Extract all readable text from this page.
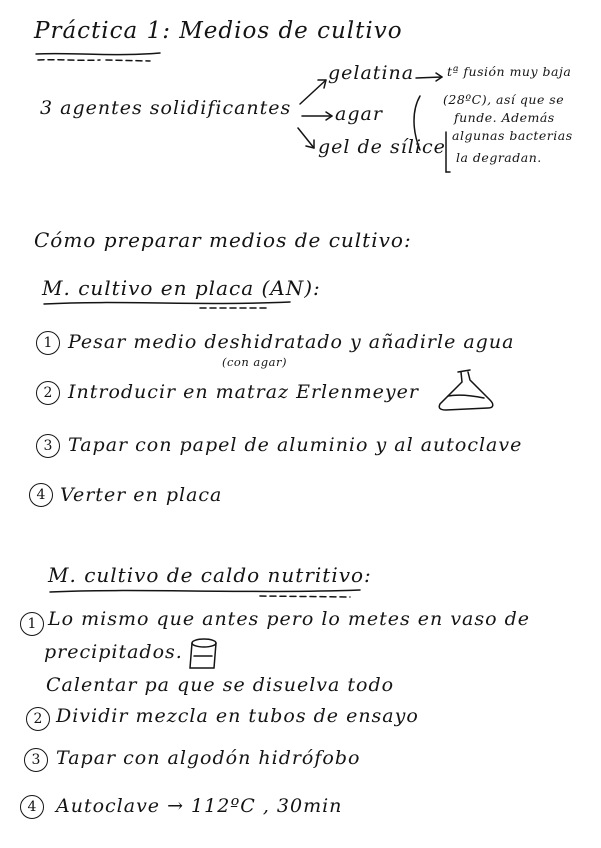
Práctica 1: Medios de cultivo
3 agentes solidificantes
gelatina
agar
gel de sílice
tª fusión muy baja
(28ºC), así que se
funde. Además
algunas bacterias
la degradan.
Cómo preparar medios de cultivo:
M. cultivo en placa (AN):
1 Pesar medio deshidratado y añadirle agua
(con agar)
2 Introducir en matraz Erlenmeyer
3 Tapar con papel de aluminio y al autoclave
4 Verter en placa
M. cultivo de caldo nutritivo:
1 Lo mismo que antes pero lo metes en vaso de
precipitados.
Calentar pa que se disuelva todo
2 Dividir mezcla en tubos de ensayo
3 Tapar con algodón hidrófobo
4	Autoclave → 112ºC , 30min
